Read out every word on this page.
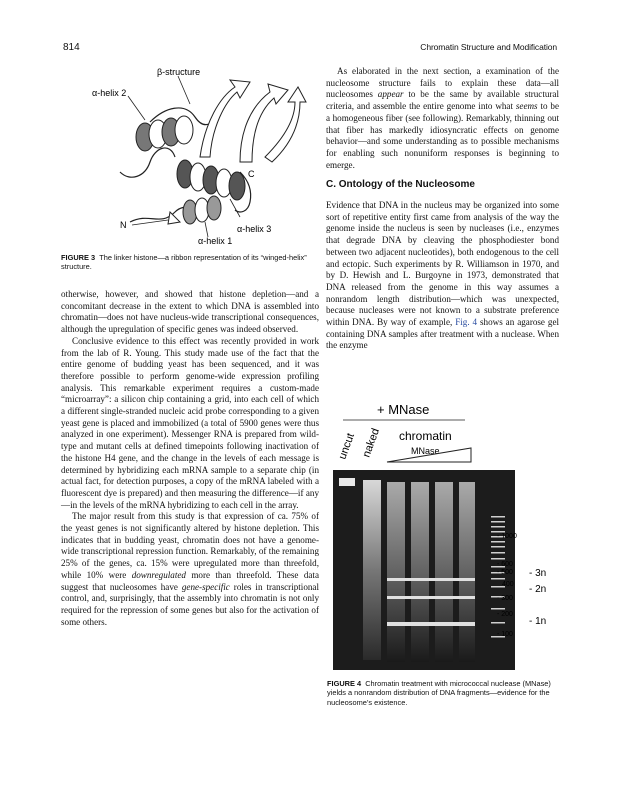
814	Chromatin Structure and Modification
β-structure
α-helix 2
C
N	α-helix 3
α-helix 1
FIGURE 3 The linker histone—a ribbon representation of its “winged-helix” structure.

otherwise, however, and showed that histone depletion—and a concomitant decrease in the extent to which DNA is assembled into chromatin—does not have nucleus-wide transcriptional consequences, although the upregulation of specific genes was indeed observed.

Conclusive evidence to this effect was recently provided in work from the lab of R. Young. This study made use of the fact that the entire genome of budding yeast has been sequenced, and it was therefore possible to perform genome-wide expression profiling analysis. This remarkable experiment requires a custom-made “microarray”: a silicon chip containing a grid, into each cell of which a different single-stranded nucleic acid probe corresponding to a given yeast gene is placed and immobilized (a total of 5900 genes were thus analyzed in one experiment). Messenger RNA is prepared from wild-type and mutant cells at defined timepoints following inactivation of the histone H4 gene, and the change in the levels of each message is determined by hybridizing each mRNA sample to a separate chip (in actual fact, for detection purposes, a copy of the mRNA labeled with a fluorescent dye is prepared) and then measuring the difference—if any—in the levels of the mRNA hybridizing to each cell in the array.

The major result from this study is that expression of ca. 75% of the yeast genes is not significantly altered by histone depletion. This indicates that in budding yeast, chromatin does not have a genome-wide transcriptional repression function. Remarkably, of the remaining 25% of the genes, ca. 15% were upregulated more than threefold, while 10% were downregulated more than threefold. These data suggest that nucleosomes have gene-specific roles in transcriptional control, and, surprisingly, that the assembly into chromatin is not only required for the repression of some genes but also for the activation of some others.

As elaborated in the next section, a examination of the nucleosome structure fails to explain these data—all nucleosomes appear to be the same by available structural criteria, and assemble the entire genome into what seems to be a homogeneous fiber (see following). Remarkably, thinning out that fiber has markedly idiosyncratic effects on genome behavior—and some understanding as to possible mechanisms for enabling such nonuniform responses is beginning to emerge.

C. Ontology of the Nucleosome

Evidence that DNA in the nucleus may be organized into some sort of repetitive entity first came from analysis of the way the genome inside the nucleus is seen by nucleases (i.e., enzymes that degrade DNA by cleaving the phosphodiester bond between two adjacent nucleotides), both endogenous to the cell and ectopic. Such experiments by R. Williamson in 1970, and by D. Hewish and L. Burgoyne in 1973, demonstrated that DNA released from the genome in this way assumes a nonrandom length distribution—which was unexpected, because nucleases were not known to a substrate preference within DNA. By way of example, Fig. 4 shows an agarose gel containing DNA samples after treatment with a nuclease. When the enzyme

+ MNase
uncut naked chromatin
MNase
- 1000
- 600
- 500
400
- 300
- 200
- 100
- 3n
- 2n
- 1n
FIGURE 4 Chromatin treatment with micrococcal nuclease (MNase) yields a nonrandom distribution of DNA fragments—evidence for the nucleosome’s existence.
